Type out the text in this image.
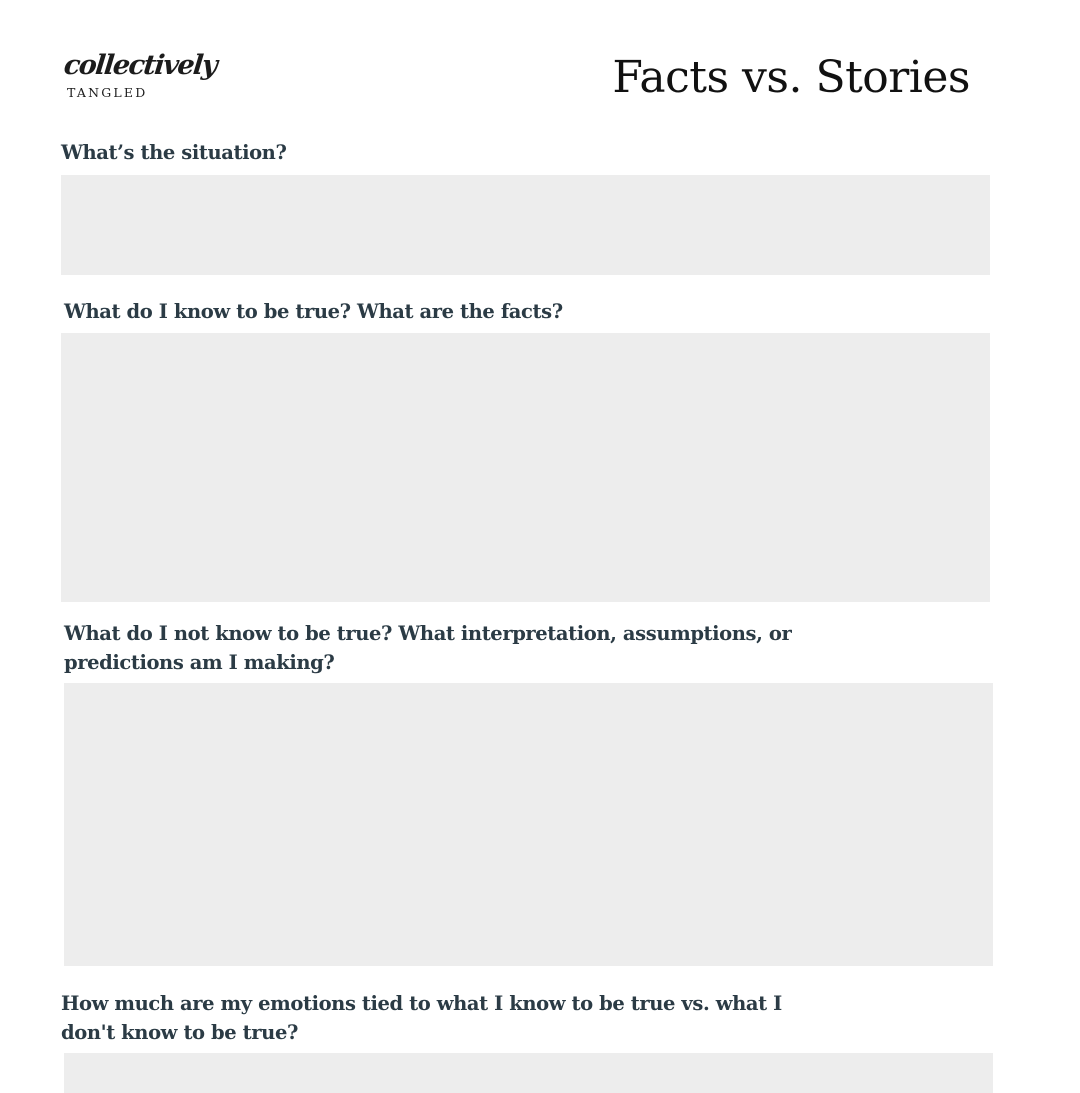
collectively
TANGLED	Facts vs. Stories
What’s the situation?
What do I know to be true? What are the facts?
What do I not know to be true? What interpretation, assumptions, or predictions am I making?
How much are my emotions tied to what I know to be true vs. what I don't know to be true?
